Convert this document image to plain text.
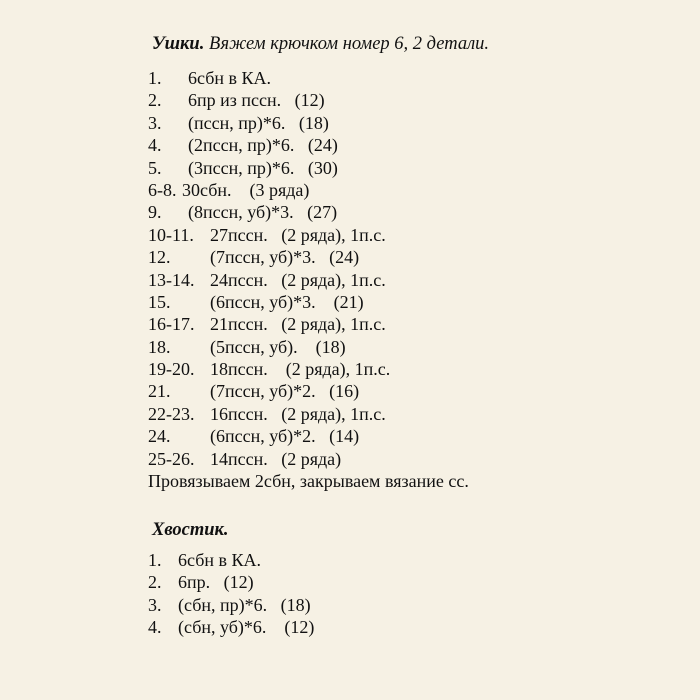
Ушки. Вяжем крючком номер 6, 2 детали.
1. 6сбн в КА.
2. 6пр из пссн.   (12)
3. (пссн, пр)*6.   (18)
4. (2пссн, пр)*6.   (24)
5. (3пссн, пр)*6.   (30)
6-8. 30сбн.    (3 ряда)
9. (8пссн, уб)*3.   (27)
10-11. 27пссн.   (2 ряда), 1п.с.
12. (7пссн, уб)*3.   (24)
13-14. 24пссн.   (2 ряда), 1п.с.
15. (6пссн, уб)*3.    (21)
16-17. 21пссн.   (2 ряда), 1п.с.
18. (5пссн, уб).    (18)
19-20. 18пссн.    (2 ряда), 1п.с.
21. (7пссн, уб)*2.   (16)
22-23. 16пссн.   (2 ряда), 1п.с.
24. (6пссн, уб)*2.   (14)
25-26. 14пссн.   (2 ряда)
Провязываем 2сбн, закрываем вязание сс.
Хвостик.
1. 6сбн в КА.
2. 6пр.   (12)
3. (сбн, пр)*6.   (18)
4. (сбн, уб)*6.    (12)
